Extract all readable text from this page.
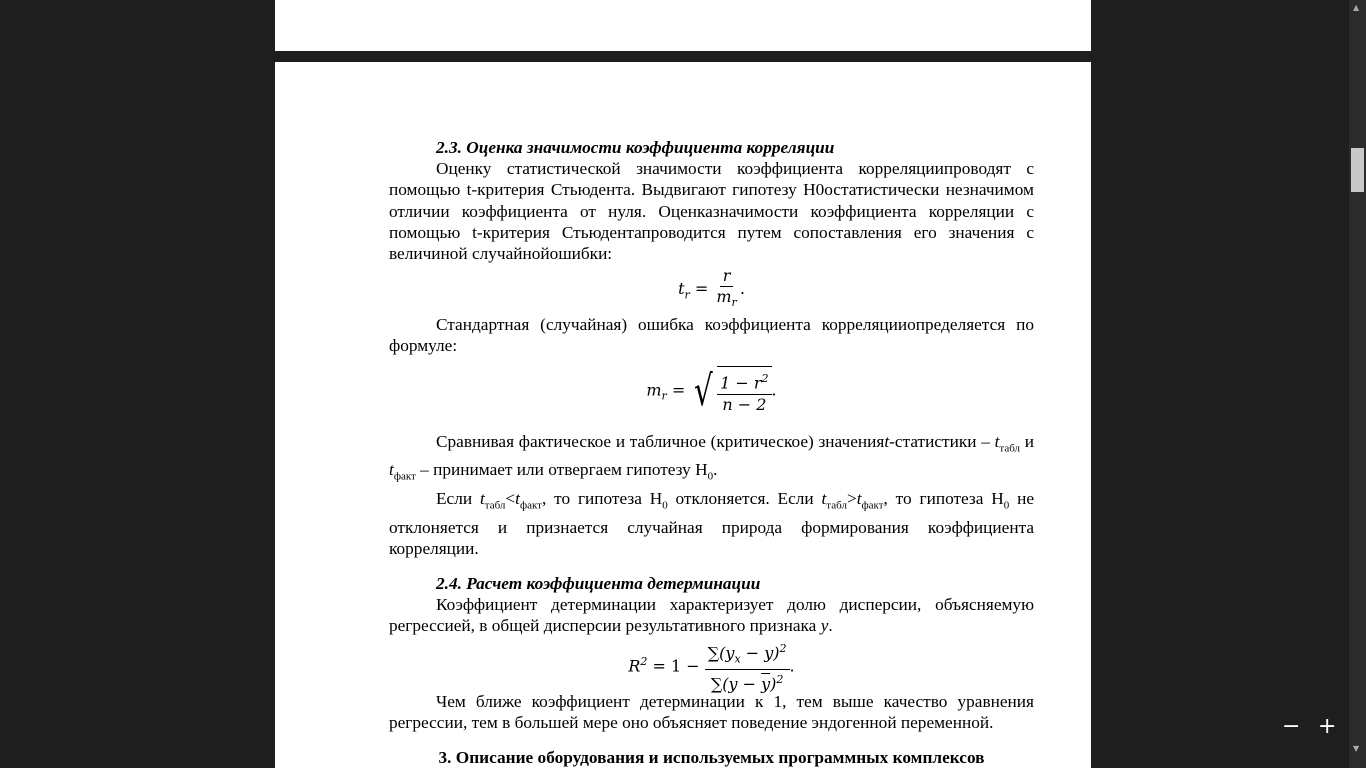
2.3. Оценка значимости коэффициента корреляции

Оценку статистической значимости коэффициента корреляциипроводят с помощью t-критерия Стьюдента. Выдвигают гипотезу H0остатистически незначимом отличии коэффициента от нуля. Оценказначимости коэффициента корреляции с помощью t-критерия Стьюдентапроводится путем сопоставления его значения с величиной случайнойошибки:

$t_r = \frac{r}{m_r}$ .

Стандартная (случайная) ошибка коэффициента корреляцииопределяется по формуле:

$m_r$ = √ $\frac{1 - r^2}{n - 2}$ .

Сравнивая фактическое и табличное (критическое) значенияt-статистики – $t_{табл}$ и $t_{факт}$ – принимает или отвергаем гипотезу $H_0$.

Если $t_{табл}<t_{факт}$, то гипотеза $H_0$ отклоняется. Если $t_{табл}>t_{факт}$, то гипотеза $H_0$ не отклоняется и признается случайная природа формирования коэффициента корреляции.

2.4. Расчет коэффициента детерминации

Коэффициент детерминации характеризует долю дисперсии, объясняемую регрессией, в общей дисперсии результативного признака y.

$R^2 = 1 - \frac{\sum(y_x - y)^2}{\sum(y - \overline{y})^2}$ .

Чем ближе коэффициент детерминации к 1, тем выше качество уравнения регрессии, тем в большей мере оно объясняет поведение эндогенной переменной.

3. Описание оборудования и используемых программных комплексов

▲
▼
− +
